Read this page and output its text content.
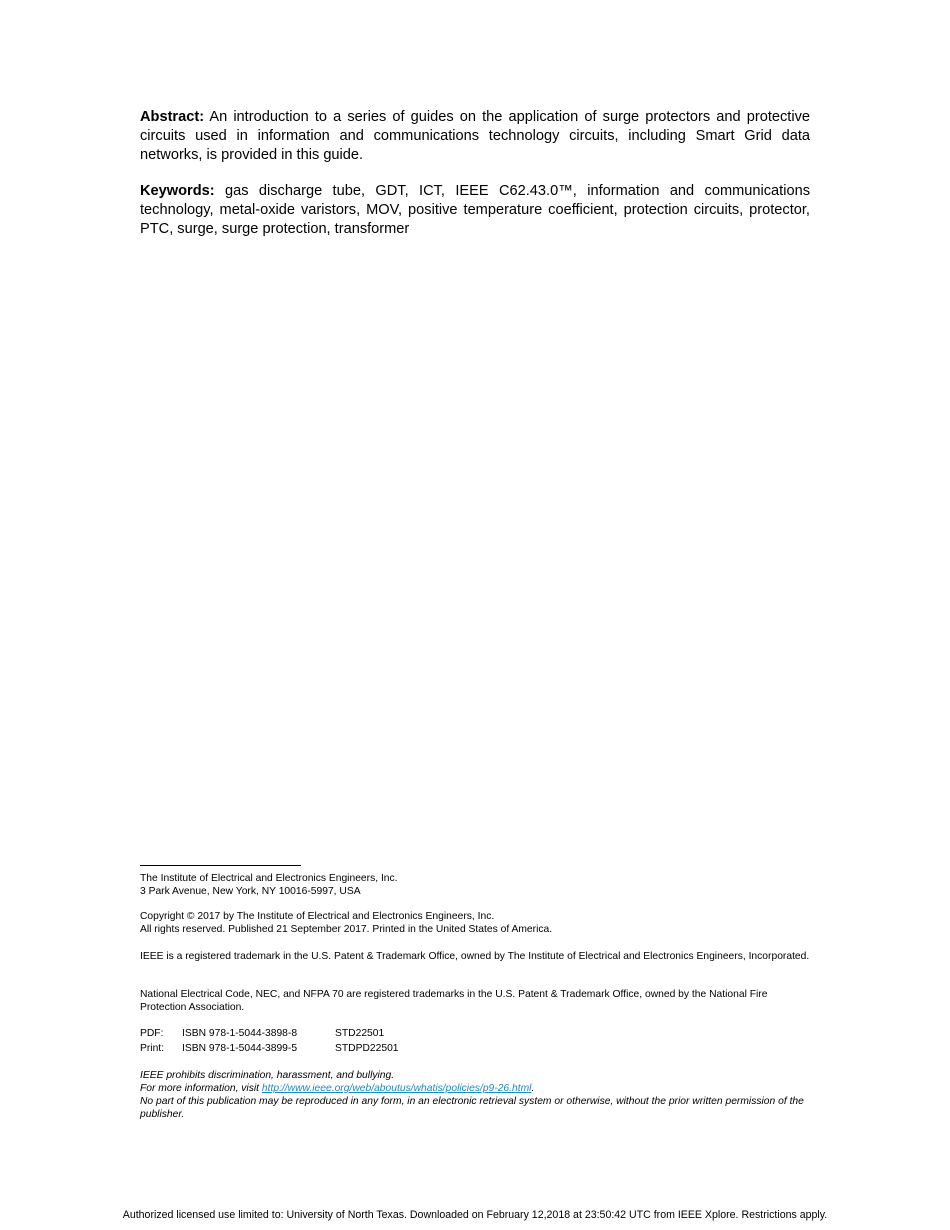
Abstract: An introduction to a series of guides on the application of surge protectors and protective circuits used in information and communications technology circuits, including Smart Grid data networks, is provided in this guide.
Keywords: gas discharge tube, GDT, ICT, IEEE C62.43.0™, information and communications technology, metal-oxide varistors, MOV, positive temperature coefficient, protection circuits, protector, PTC, surge, surge protection, transformer
The Institute of Electrical and Electronics Engineers, Inc.
3 Park Avenue, New York, NY 10016-5997, USA
Copyright © 2017 by The Institute of Electrical and Electronics Engineers, Inc.
All rights reserved. Published 21 September 2017. Printed in the United States of America.
IEEE is a registered trademark in the U.S. Patent & Trademark Office, owned by The Institute of Electrical and Electronics Engineers, Incorporated.
National Electrical Code, NEC, and NFPA 70 are registered trademarks in the U.S. Patent & Trademark Office, owned by the National Fire Protection Association.
PDF:	ISBN 978-1-5044-3898-8	STD22501
Print:	ISBN 978-1-5044-3899-5	STDPD22501
IEEE prohibits discrimination, harassment, and bullying.
For more information, visit http://www.ieee.org/web/aboutus/whatis/policies/p9-26.html.
No part of this publication may be reproduced in any form, in an electronic retrieval system or otherwise, without the prior written permission of the publisher.
Authorized licensed use limited to: University of North Texas. Downloaded on February 12,2018 at 23:50:42 UTC from IEEE Xplore. Restrictions apply.
